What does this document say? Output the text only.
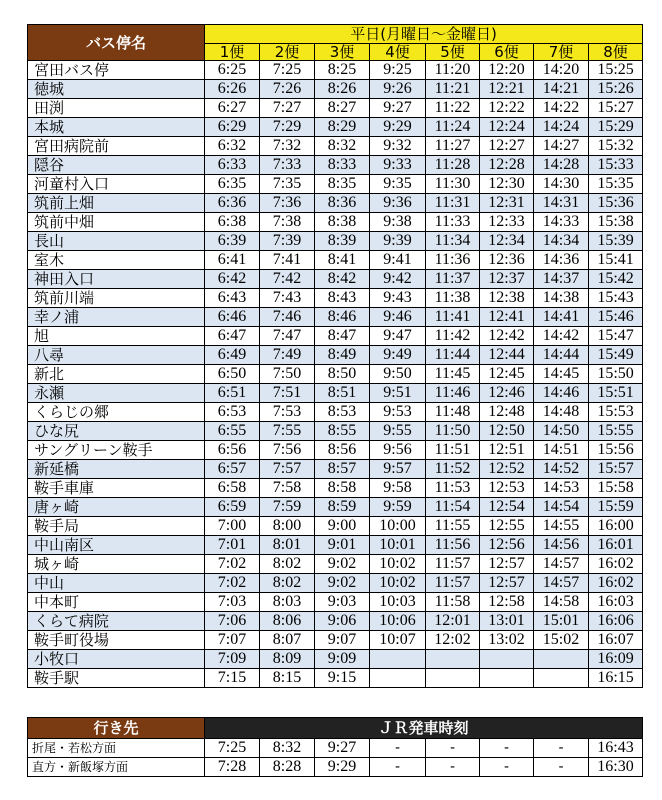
バス停名	平日(月曜日～金曜日)							
	1便	2便	3便	4便	5便	6便	7便	8便
宮田バス停	6:25	7:25	8:25	9:25	11:20	12:20	14:20	15:25
徳城	6:26	7:26	8:26	9:26	11:21	12:21	14:21	15:26
田渕	6:27	7:27	8:27	9:27	11:22	12:22	14:22	15:27
本城	6:29	7:29	8:29	9:29	11:24	12:24	14:24	15:29
宮田病院前	6:32	7:32	8:32	9:32	11:27	12:27	14:27	15:32
隠谷	6:33	7:33	8:33	9:33	11:28	12:28	14:28	15:33
河童村入口	6:35	7:35	8:35	9:35	11:30	12:30	14:30	15:35
筑前上畑	6:36	7:36	8:36	9:36	11:31	12:31	14:31	15:36
筑前中畑	6:38	7:38	8:38	9:38	11:33	12:33	14:33	15:38
長山	6:39	7:39	8:39	9:39	11:34	12:34	14:34	15:39
室木	6:41	7:41	8:41	9:41	11:36	12:36	14:36	15:41
神田入口	6:42	7:42	8:42	9:42	11:37	12:37	14:37	15:42
筑前川端	6:43	7:43	8:43	9:43	11:38	12:38	14:38	15:43
幸ノ浦	6:46	7:46	8:46	9:46	11:41	12:41	14:41	15:46
旭	6:47	7:47	8:47	9:47	11:42	12:42	14:42	15:47
八尋	6:49	7:49	8:49	9:49	11:44	12:44	14:44	15:49
新北	6:50	7:50	8:50	9:50	11:45	12:45	14:45	15:50
永瀬	6:51	7:51	8:51	9:51	11:46	12:46	14:46	15:51
くらじの郷	6:53	7:53	8:53	9:53	11:48	12:48	14:48	15:53
ひな尻	6:55	7:55	8:55	9:55	11:50	12:50	14:50	15:55
サングリーン鞍手	6:56	7:56	8:56	9:56	11:51	12:51	14:51	15:56
新延橋	6:57	7:57	8:57	9:57	11:52	12:52	14:52	15:57
鞍手車庫	6:58	7:58	8:58	9:58	11:53	12:53	14:53	15:58
唐ヶ崎	6:59	7:59	8:59	9:59	11:54	12:54	14:54	15:59
鞍手局	7:00	8:00	9:00	10:00	11:55	12:55	14:55	16:00
中山南区	7:01	8:01	9:01	10:01	11:56	12:56	14:56	16:01
城ヶ崎	7:02	8:02	9:02	10:02	11:57	12:57	14:57	16:02
中山	7:02	8:02	9:02	10:02	11:57	12:57	14:57	16:02
中本町	7:03	8:03	9:03	10:03	11:58	12:58	14:58	16:03
くらて病院	7:06	8:06	9:06	10:06	12:01	13:01	15:01	16:06
鞍手町役場	7:07	8:07	9:07	10:07	12:02	13:02	15:02	16:07
小牧口	7:09	8:09	9:09					16:09
鞍手駅	7:15	8:15	9:15					16:15
行き先	ＪＲ発車時刻							
折尾・若松方面	7:25	8:32	9:27	-	-	-	-	16:43
直方・新飯塚方面	7:28	8:28	9:29	-	-	-	-	16:30
